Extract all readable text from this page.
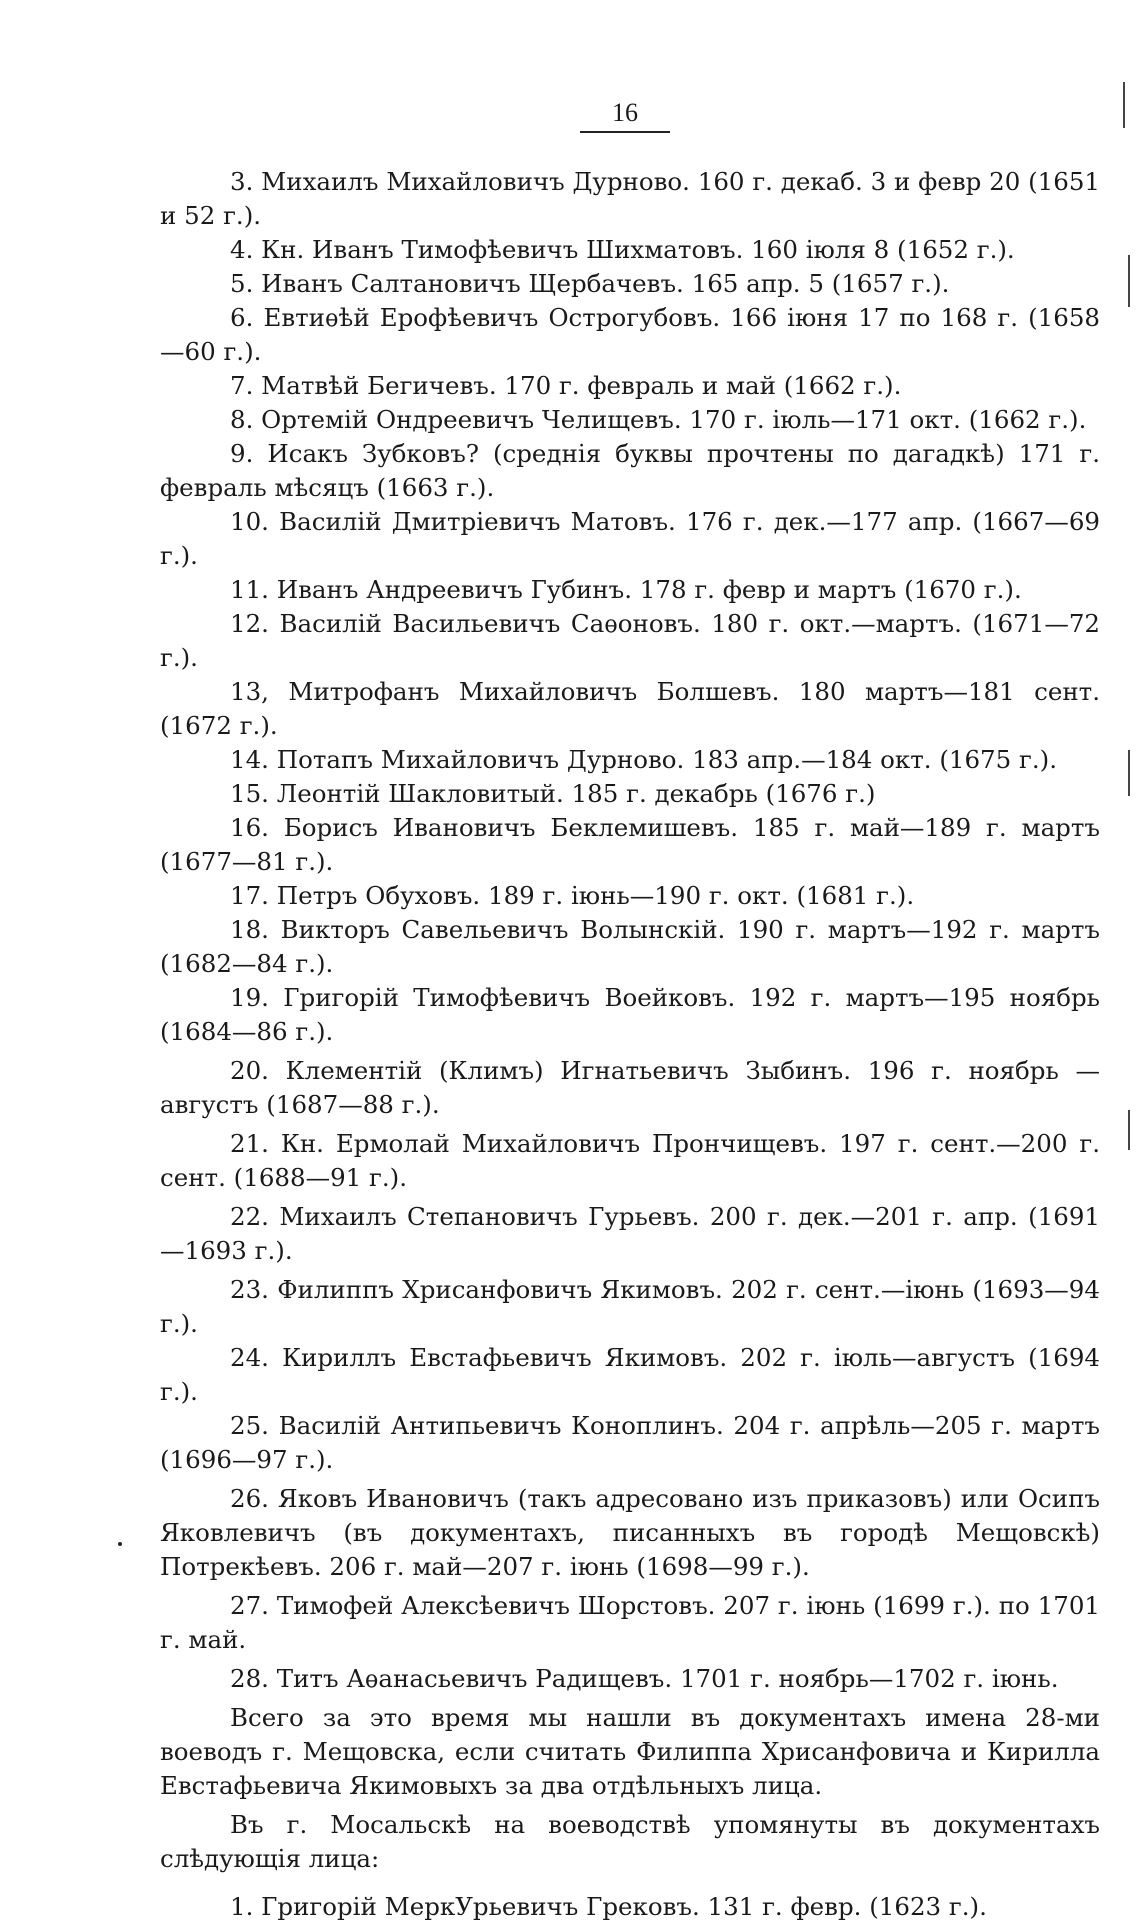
16

3. Михаилъ Михайловичъ Дурново. 160 г. декаб. 3 и февр 20 (1651 и 52 г.).

4. Кн. Иванъ Тимофѣевичъ Шихматовъ. 160 іюля 8 (1652 г.).

5. Иванъ Салтановичъ Щербачевъ. 165 апр. 5 (1657 г.).

6. Евтиѳѣй Ерофѣевичъ Острогубовъ. 166 іюня 17 по 168 г. (1658—60 г.).

7. Матвѣй Бегичевъ. 170 г. февраль и май (1662 г.).

8. Ортемій Ондреевичъ Челищевъ. 170 г. іюль—171 окт. (1662 г.).

9. Исакъ Зубковъ? (среднія буквы прочтены по дагадкѣ) 171 г. февраль мѣсяцъ (1663 г.).

10. Василій Дмитріевичъ Матовъ. 176 г. дек.—177 апр. (1667—69 г.).

11. Иванъ Андреевичъ Губинъ. 178 г. февр и мартъ (1670 г.).

12. Василій Васильевичъ Саѳоновъ. 180 г. окт.—мартъ. (1671—72 г.).

13, Митрофанъ Михайловичъ Болшевъ. 180 мартъ—181 сент. (1672 г.).

14. Потапъ Михайловичъ Дурново. 183 апр.—184 окт. (1675 г.).

15. Леонтій Шакловитый. 185 г. декабрь (1676 г.)

16. Борисъ Ивановичъ Беклемишевъ. 185 г. май—189 г. мартъ (1677—81 г.).

17. Петръ Обуховъ. 189 г. іюнь—190 г. окт. (1681 г.).

18. Викторъ Савельевичъ Волынскій. 190 г. мартъ—192 г. мартъ (1682—84 г.).

19. Григорій Тимофѣевичъ Воейковъ. 192 г. мартъ—195 ноябрь (1684—86 г.).

20. Клементій (Климъ) Игнатьевичъ Зыбинъ. 196 г. ноябрь — августъ (1687—88 г.).

21. Кн. Ермолай Михайловичъ Прончищевъ. 197 г. сент.—200 г. сент. (1688—91 г.).

22. Михаилъ Степановичъ Гурьевъ. 200 г. дек.—201 г. апр. (1691—1693 г.).

23. Филиппъ Хрисанфовичъ Якимовъ. 202 г. сент.—іюнь (1693—94 г.).

24. Кириллъ Евстафьевичъ Якимовъ. 202 г. іюль—августъ (1694 г.).

25. Василій Антипьевичъ Коноплинъ. 204 г. апрѣль—205 г. мартъ (1696—97 г.).

26. Яковъ Ивановичъ (такъ адресовано изъ приказовъ) или Осипъ Яковлевичъ (въ документахъ, писанныхъ въ городѣ Мещовскѣ) Потрекѣевъ. 206 г. май—207 г. іюнь (1698—99 г.).

27. Тимофей Алексѣевичъ Шорстовъ. 207 г. іюнь (1699 г.). по 1701 г. май.

28. Титъ Аѳанасьевичъ Радищевъ. 1701 г. ноябрь—1702 г. іюнь.

Всего за это время мы нашли въ документахъ имена 28-ми воеводъ г. Мещовска, если считать Филиппа Хрисанфовича и Кирилла Евстафьевича Якимовыхъ за два отдѣльныхъ лица.

Въ г. Мосальскѣ на воеводствѣ упомянуты въ документахъ слѣдующія лица:

1. Григорій МеркУрьевичъ Грековъ. 131 г. февр. (1623 г.).
